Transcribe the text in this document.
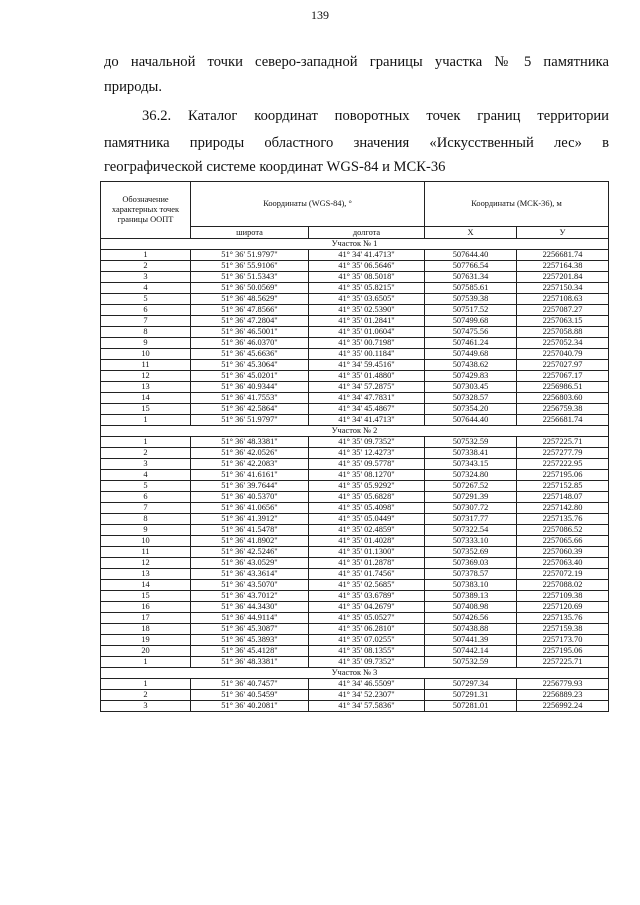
139
до начальной точки северо-западной границы участка № 5 памятника
природы.
36.2. Каталог координат поворотных точек границ территории
памятника природы областного значения «Искусственный лес» в
географической системе координат WGS-84 и МСК-36
Обозначение характерных точек границы ООПТ	Координаты (WGS-84), °		Координаты (МСК-36), м	
	широта	долгота	X	У
Участок № 1				
1	51° 36' 51.9797"	41° 34' 41.4713"	507644.40	2256681.74
2	51° 36' 55.9106"	41° 35' 06.5646"	507766.54	2257164.38
3	51° 36' 51.5343"	41° 35' 08.5018"	507631.34	2257201.84
4	51° 36' 50.0569"	41° 35' 05.8215"	507585.61	2257150.34
5	51° 36' 48.5629"	41° 35' 03.6505"	507539.38	2257108.63
6	51° 36' 47.8566"	41° 35' 02.5390"	507517.52	2257087.27
7	51° 36' 47.2804"	41° 35' 01.2841"	507499.68	2257063.15
8	51° 36' 46.5001"	41° 35' 01.0604"	507475.56	2257058.88
9	51° 36' 46.0370"	41° 35' 00.7198"	507461.24	2257052.34
10	51° 36' 45.6636"	41° 35' 00.1184"	507449.68	2257040.79
11	51° 36' 45.3064"	41° 34' 59.4516"	507438.62	2257027.97
12	51° 36' 45.0201"	41° 35' 01.4880"	507429.83	2257067.17
13	51° 36' 40.9344"	41° 34' 57.2875"	507303.45	2256986.51
14	51° 36' 41.7553"	41° 34' 47.7831"	507328.57	2256803.60
15	51° 36' 42.5864"	41° 34' 45.4867"	507354.20	2256759.38
1	51° 36' 51.9797"	41° 34' 41.4713"	507644.40	2256681.74
Участок № 2				
1	51° 36' 48.3381"	41° 35' 09.7352"	507532.59	2257225.71
2	51° 36' 42.0526"	41° 35' 12.4273"	507338.41	2257277.79
3	51° 36' 42.2083"	41° 35' 09.5778"	507343.15	2257222.95
4	51° 36' 41.6161"	41° 35' 08.1270"	507324.80	2257195.06
5	51° 36' 39.7644"	41° 35' 05.9292"	507267.52	2257152.85
6	51° 36' 40.5370"	41° 35' 05.6828"	507291.39	2257148.07
7	51° 36' 41.0656"	41° 35' 05.4098"	507307.72	2257142.80
8	51° 36' 41.3912"	41° 35' 05.0449"	507317.77	2257135.76
9	51° 36' 41.5478"	41° 35' 02.4859"	507322.54	2257086.52
10	51° 36' 41.8902"	41° 35' 01.4028"	507333.10	2257065.66
11	51° 36' 42.5246"	41° 35' 01.1300"	507352.69	2257060.39
12	51° 36' 43.0529"	41° 35' 01.2878"	507369.03	2257063.40
13	51° 36' 43.3614"	41° 35' 01.7456"	507378.57	2257072.19
14	51° 36' 43.5070"	41° 35' 02.5685"	507383.10	2257088.02
15	51° 36' 43.7012"	41° 35' 03.6789"	507389.13	2257109.38
16	51° 36' 44.3430"	41° 35' 04.2679"	507408.98	2257120.69
17	51° 36' 44.9114"	41° 35' 05.0527"	507426.56	2257135.76
18	51° 36' 45.3087"	41° 35' 06.2810"	507438.88	2257159.38
19	51° 36' 45.3893"	41° 35' 07.0255"	507441.39	2257173.70
20	51° 36' 45.4128"	41° 35' 08.1355"	507442.14	2257195.06
1	51° 36' 48.3381"	41° 35' 09.7352"	507532.59	2257225.71
Участок № 3				
1	51° 36' 40.7457"	41° 34' 46.5509"	507297.34	2256779.93
2	51° 36' 40.5459"	41° 34' 52.2307"	507291.31	2256889.23
3	51° 36' 40.2081"	41° 34' 57.5836"	507281.01	2256992.24
